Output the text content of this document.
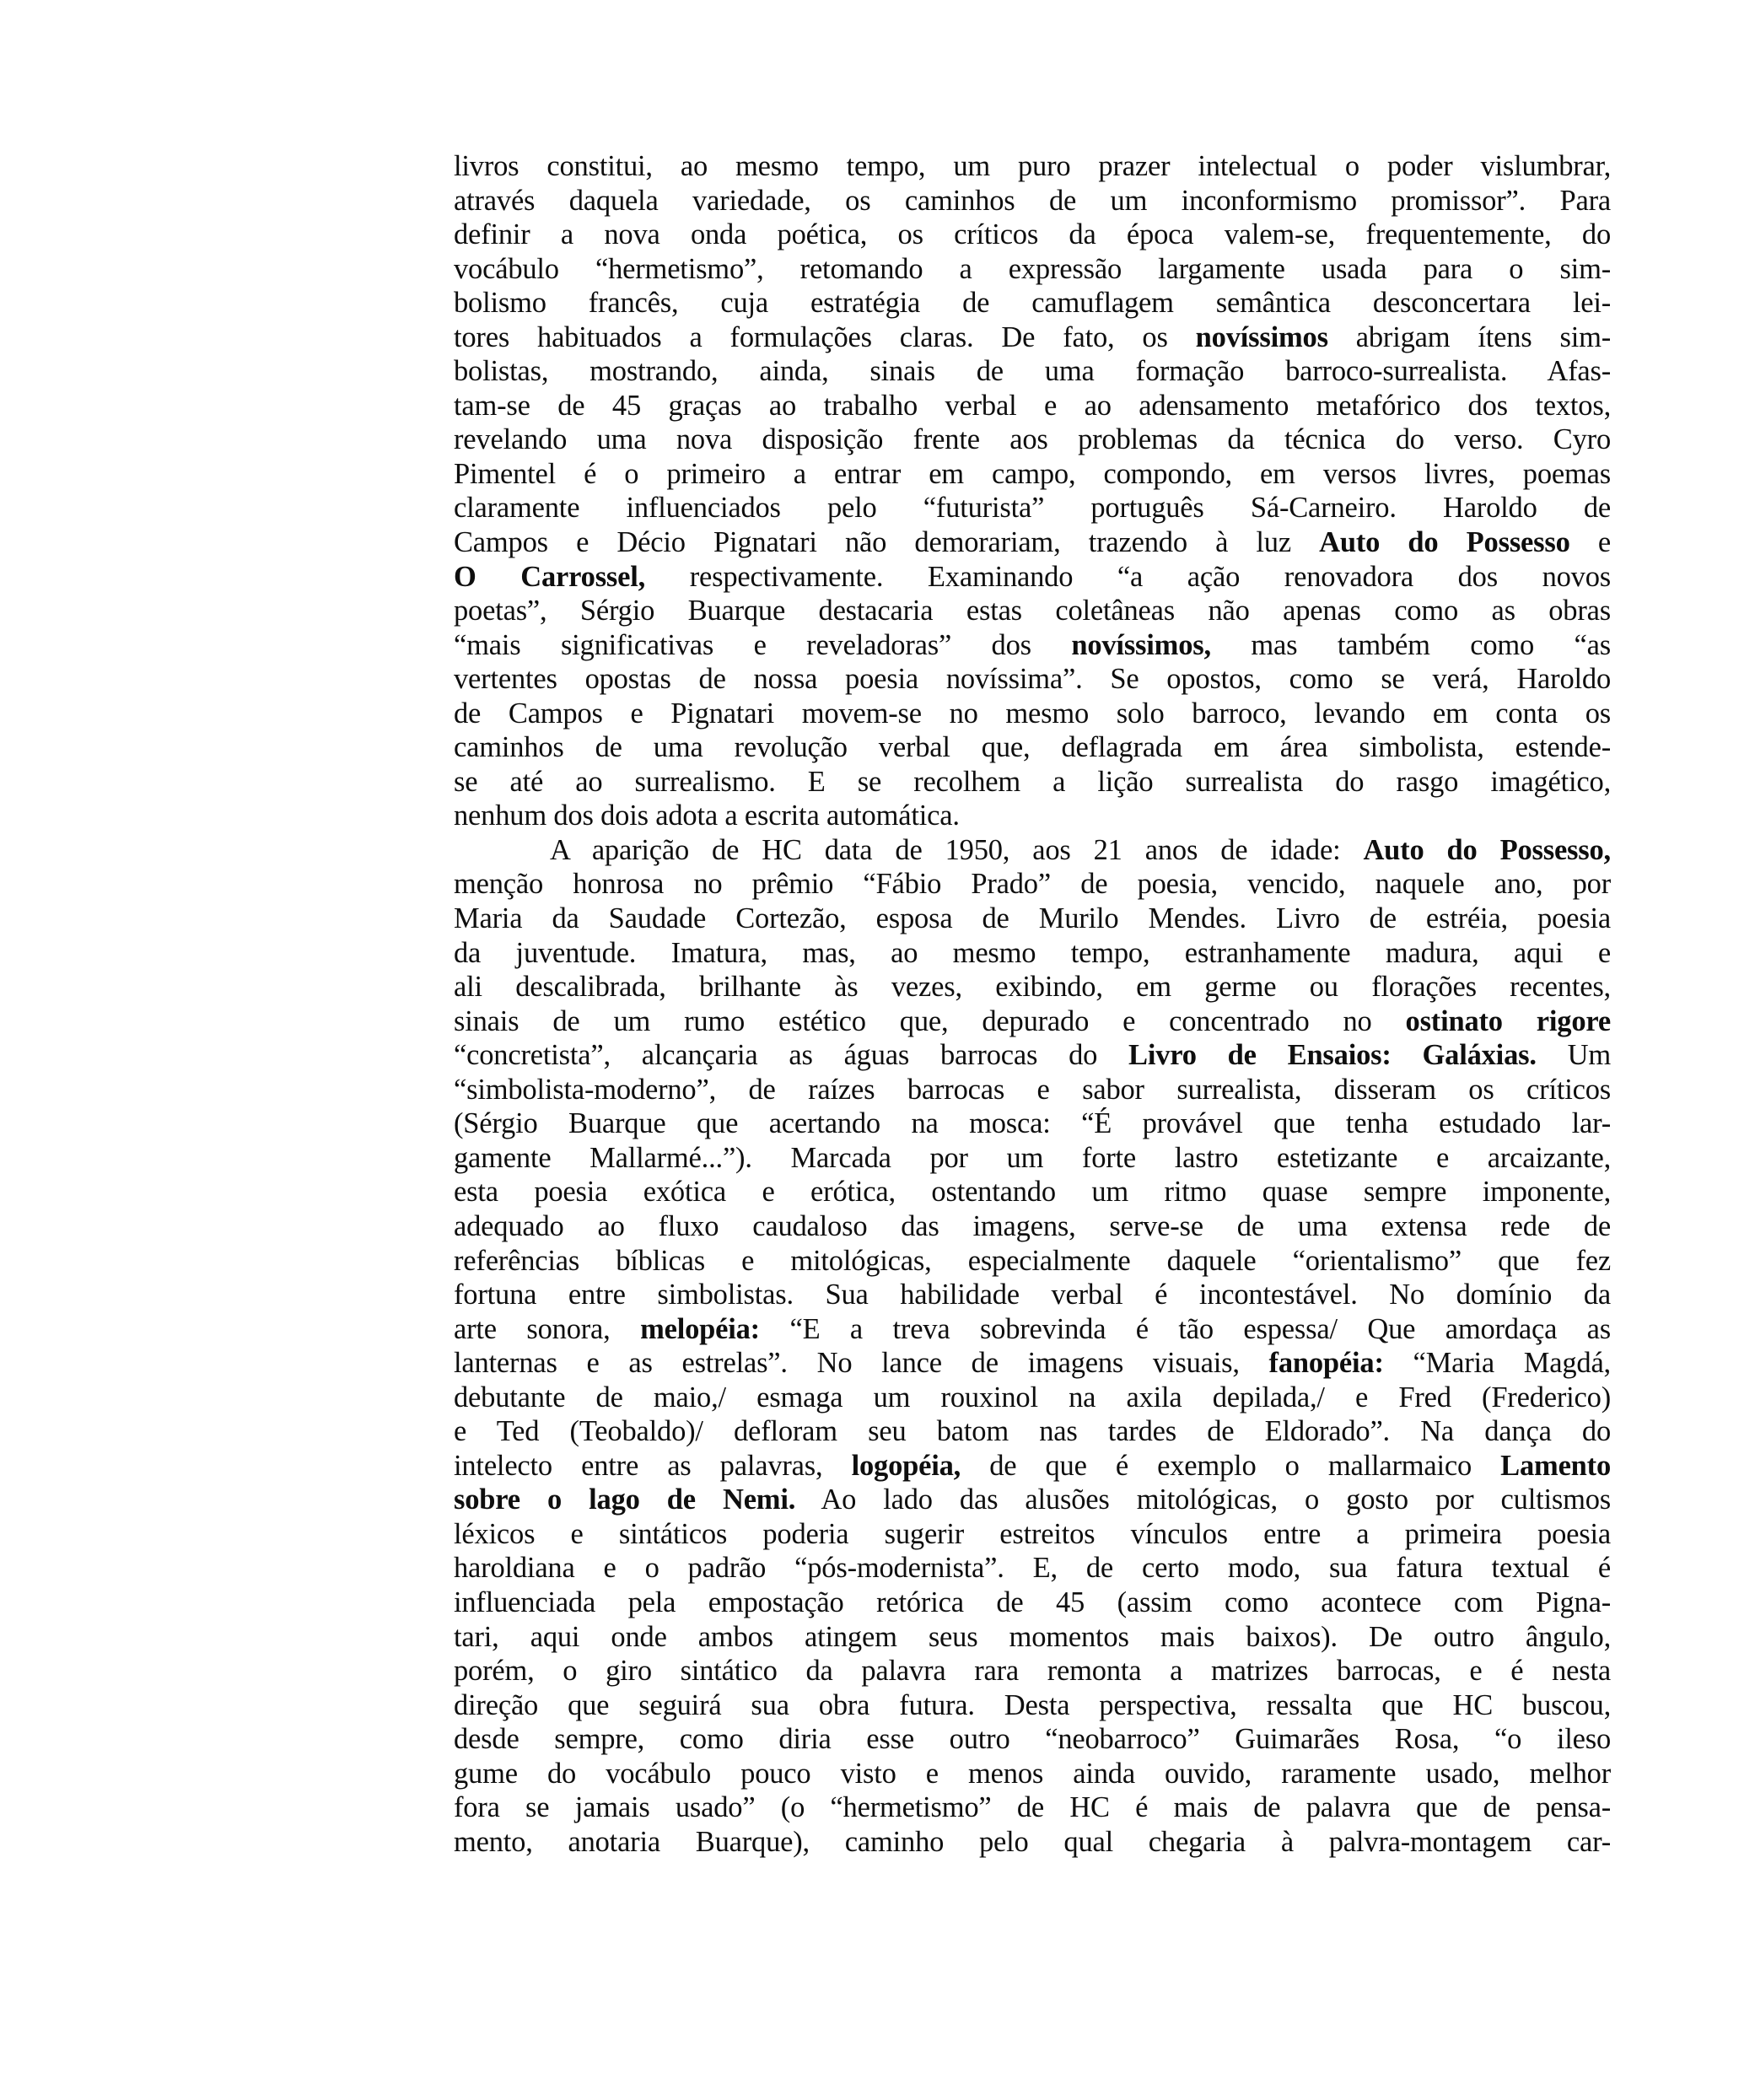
livros constitui, ao mesmo tempo, um puro prazer intelectual o poder vislumbrar,
através daquela variedade, os caminhos de um inconformismo promissor”. Para
definir a nova onda poética, os críticos da época valem-se, frequentemente, do
vocábulo “hermetismo”, retomando a expressão largamente usada para o sim-
bolismo francês, cuja estratégia de camuflagem semântica desconcertara lei-
tores habituados a formulações claras. De fato, os novíssimos abrigam ítens sim-
bolistas, mostrando, ainda, sinais de uma formação barroco-surrealista. Afas-
tam-se de 45 graças ao trabalho verbal e ao adensamento metafórico dos textos,
revelando uma nova disposição frente aos problemas da técnica do verso. Cyro
Pimentel é o primeiro a entrar em campo, compondo, em versos livres, poemas
claramente influenciados pelo “futurista” português Sá-Carneiro. Haroldo de
Campos e Décio Pignatari não demorariam, trazendo à luz Auto do Possesso e
O Carrossel, respectivamente. Examinando “a ação renovadora dos novos
poetas”, Sérgio Buarque destacaria estas coletâneas não apenas como as obras
“mais significativas e reveladoras” dos novíssimos, mas também como “as
vertentes opostas de nossa poesia novíssima”. Se opostos, como se verá, Haroldo
de Campos e Pignatari movem-se no mesmo solo barroco, levando em conta os
caminhos de uma revolução verbal que, deflagrada em área simbolista, estende-
se até ao surrealismo. E se recolhem a lição surrealista do rasgo imagético,
nenhum dos dois adota a escrita automática.
A aparição de HC data de 1950, aos 21 anos de idade: Auto do Possesso,
menção honrosa no prêmio “Fábio Prado” de poesia, vencido, naquele ano, por
Maria da Saudade Cortezão, esposa de Murilo Mendes. Livro de estréia, poesia
da juventude. Imatura, mas, ao mesmo tempo, estranhamente madura, aqui e
ali descalibrada, brilhante às vezes, exibindo, em germe ou florações recentes,
sinais de um rumo estético que, depurado e concentrado no ostinato rigore
“concretista”, alcançaria as águas barrocas do Livro de Ensaios: Galáxias. Um
“simbolista-moderno”, de raízes barrocas e sabor surrealista, disseram os críticos
(Sérgio Buarque que acertando na mosca: “É provável que tenha estudado lar-
gamente Mallarmé...”). Marcada por um forte lastro estetizante e arcaizante,
esta poesia exótica e erótica, ostentando um ritmo quase sempre imponente,
adequado ao fluxo caudaloso das imagens, serve-se de uma extensa rede de
referências bíblicas e mitológicas, especialmente daquele “orientalismo” que fez
fortuna entre simbolistas. Sua habilidade verbal é incontestável. No domínio da
arte sonora, melopéia: “E a treva sobrevinda é tão espessa/ Que amordaça as
lanternas e as estrelas”. No lance de imagens visuais, fanopéia: “Maria Magdá,
debutante de maio,/ esmaga um rouxinol na axila depilada,/ e Fred (Frederico)
e Ted (Teobaldo)/ defloram seu batom nas tardes de Eldorado”. Na dança do
intelecto entre as palavras, logopéia, de que é exemplo o mallarmaico Lamento
sobre o lago de Nemi. Ao lado das alusões mitológicas, o gosto por cultismos
léxicos e sintáticos poderia sugerir estreitos vínculos entre a primeira poesia
haroldiana e o padrão “pós-modernista”. E, de certo modo, sua fatura textual é
influenciada pela empostação retórica de 45 (assim como acontece com Pigna-
tari, aqui onde ambos atingem seus momentos mais baixos). De outro ângulo,
porém, o giro sintático da palavra rara remonta a matrizes barrocas, e é nesta
direção que seguirá sua obra futura. Desta perspectiva, ressalta que HC buscou,
desde sempre, como diria esse outro “neobarroco” Guimarães Rosa, “o ileso
gume do vocábulo pouco visto e menos ainda ouvido, raramente usado, melhor
fora se jamais usado” (o “hermetismo” de HC é mais de palavra que de pensa-
mento, anotaria Buarque), caminho pelo qual chegaria à palvra-montagem car-
